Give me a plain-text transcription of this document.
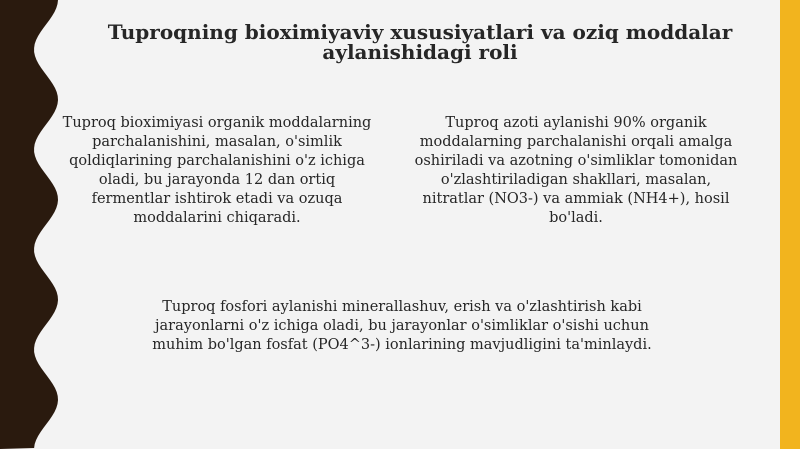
Tuproqning bioximiyaviy xususiyatlari va oziq moddalar aylanishidagi roli

Tuproq bioximiyasi organik moddalarning parchalanishini, masalan, o'simlik qoldiqlarining parchalanishini o'z ichiga oladi, bu jarayonda 12 dan ortiq fermentlar ishtirok etadi va ozuqa moddalarini chiqaradi.

Tuproq azoti aylanishi 90% organik moddalarning parchalanishi orqali amalga oshiriladi va azotning o'simliklar tomonidan o'zlashtiriladigan shakllari, masalan, nitratlar (NO3-) va ammiak (NH4+), hosil bo'ladi.

Tuproq fosfori aylanishi minerallashuv, erish va o'zlashtirish kabi jarayonlarni o'z ichiga oladi, bu jarayonlar o'simliklar o'sishi uchun muhim bo'lgan fosfat (PO4^3-) ionlarining mavjudligini ta'minlaydi.
